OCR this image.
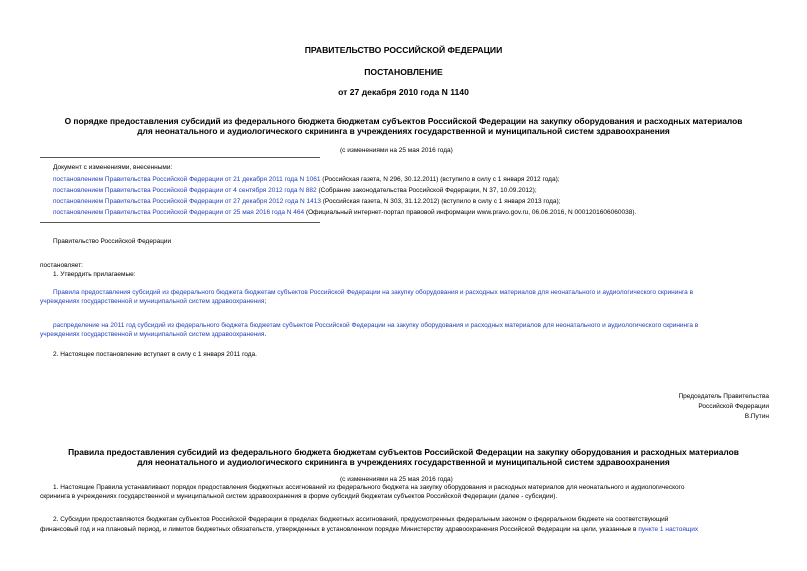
ПРАВИТЕЛЬСТВО РОССИЙСКОЙ ФЕДЕРАЦИИ
ПОСТАНОВЛЕНИЕ
от 27 декабря 2010 года N 1140
О порядке предоставления субсидий из федерального бюджета бюджетам субъектов Российской Федерации на закупку оборудования и расходных материалов
для неонатального и аудиологического скрининга в учреждениях государственной и муниципальной систем здравоохранения
(с изменениями на 25 мая 2016 года)
Документ с изменениями, внесенными:
постановлением Правительства Российской Федерации от 21 декабря 2011 года N 1061 (Российская газета, N 296, 30.12.2011) (вступило в силу с 1 января 2012 года);
постановлением Правительства Российской Федерации от 4 сентября 2012 года N 882 (Собрание законодательства Российской Федерации, N 37, 10.09.2012);
постановлением Правительства Российской Федерации от 27 декабря 2012 года N 1413 (Российская газета, N 303, 31.12.2012) (вступило в силу с 1 января 2013 года);
постановлением Правительства Российской Федерации от 25 мая 2016 года N 464 (Официальный интернет-портал правовой информации www.pravo.gov.ru, 06.06.2016, N 0001201606060038).
Правительство Российской Федерации
постановляет:
1. Утвердить прилагаемые:
Правила предоставления субсидий из федерального бюджета бюджетам субъектов Российской Федерации на закупку оборудования и расходных материалов для неонатального и аудиологического скрининга в
учреждениях государственной и муниципальной систем здравоохранения;
распределение на 2011 год субсидий из федерального бюджета бюджетам субъектов Российской Федерации на закупку оборудования и расходных материалов для неонатального и аудиологического скрининга в
учреждениях государственной и муниципальной систем здравоохранения.
2. Настоящее постановление вступает в силу с 1 января 2011 года.
Председатель Правительства
Российской Федерации
В.Путин
Правила предоставления субсидий из федерального бюджета бюджетам субъектов Российской Федерации на закупку оборудования и расходных материалов
для неонатального и аудиологического скрининга в учреждениях государственной и муниципальной систем здравоохранения
(с изменениями на 25 мая 2016 года)
1. Настоящие Правила устанавливают порядок предоставления бюджетных ассигнований из федерального бюджета на закупку оборудования и расходных материалов для неонатального и аудиологического
скрининга в учреждениях государственной и муниципальной систем здравоохранения в форме субсидий бюджетам субъектов Российской Федерации (далее - субсидии).
2. Субсидии предоставляются бюджетам субъектов Российской Федерации в пределах бюджетных ассигнований, предусмотренных федеральным законом о федеральном бюджете на соответствующий
финансовый год и на плановый период, и лимитов бюджетных обязательств, утвержденных в установленном порядке Министерству здравоохранения Российской Федерации на цели, указанные в пункте 1 настоящих
